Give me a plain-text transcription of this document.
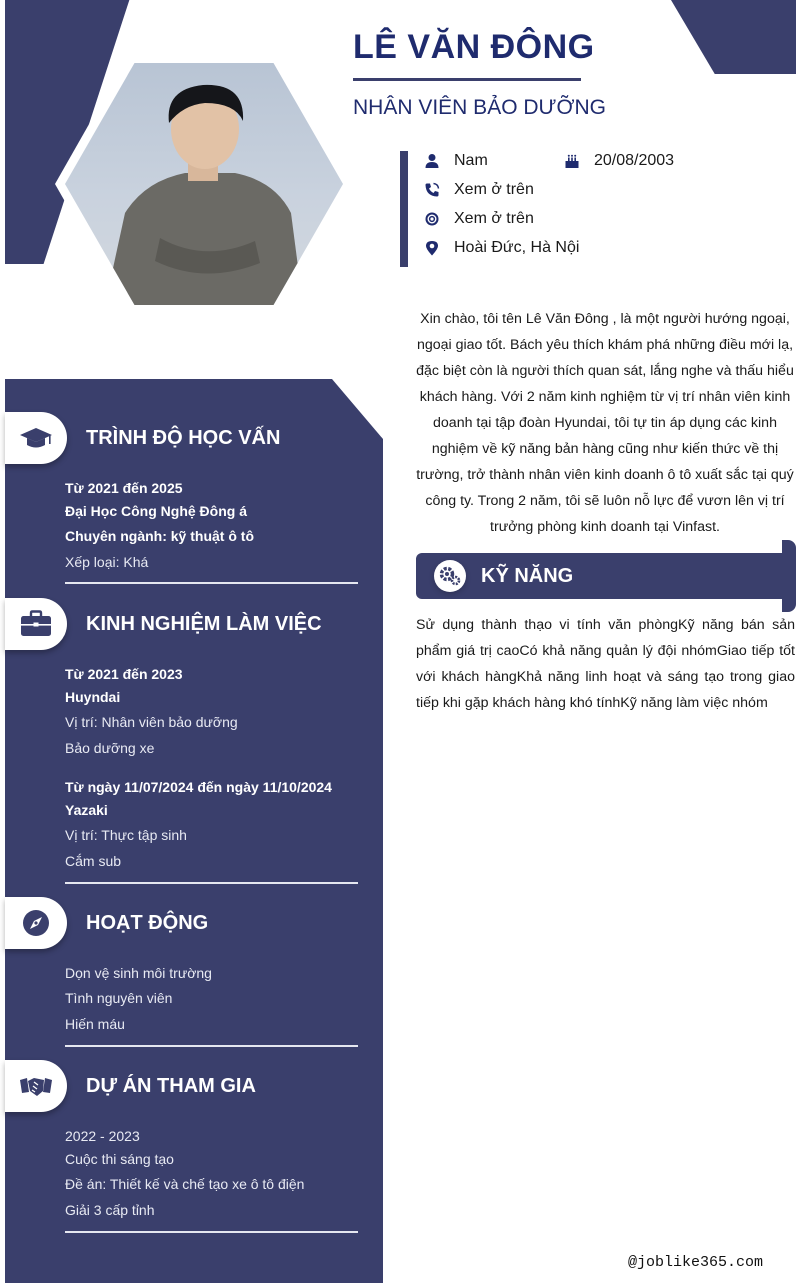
LÊ VĂN ĐÔNG
NHÂN VIÊN BẢO DƯỠNG
Nam	20/08/2003
Xem ở trên
Xem ở trên
Hoài Đức, Hà Nội
Xin chào, tôi tên Lê Văn Đông , là một người hướng ngoại, ngoại giao tốt. Bách yêu thích khám phá những điều mới lạ, đặc biệt còn là người thích quan sát, lắng nghe và thấu hiểu khách hàng. Với 2 năm kinh nghiệm từ vị trí nhân viên kinh doanh tại tập đoàn Hyundai, tôi tự tin áp dụng các kinh nghiệm về kỹ năng bản hàng cũng như kiến thức về thị trường, trở thành nhân viên kinh doanh ô tô xuất sắc tại quý công ty. Trong 2 năm, tôi sẽ luôn nỗ lực để vươn lên vị trí trưởng phòng kinh doanh tại Vinfast.
KỸ NĂNG
Sử dụng thành thạo vi tính văn phòngKỹ năng bán sản phẩm giá trị caoCó khả năng quản lý đội nhómGiao tiếp tốt với khách hàngKhả năng linh hoạt và sáng tạo trong giao tiếp khi gặp khách hàng khó tínhKỹ năng làm việc nhóm
TRÌNH ĐỘ HỌC VẤN
Từ 2021 đến 2025
Đại Học Công Nghệ Đông á
Chuyên ngành: kỹ thuật ô tô
Xếp loại: Khá
KINH NGHIỆM LÀM VIỆC
Từ 2021 đến 2023
Huyndai
Vị trí: Nhân viên bảo dưỡng
Bảo dưỡng xe
Từ ngày 11/07/2024 đến ngày 11/10/2024
Yazaki
Vị trí: Thực tập sinh
Cắm sub
HOẠT ĐỘNG
Dọn vệ sinh môi trường
Tình nguyên viên
Hiến máu
DỰ ÁN THAM GIA
2022 - 2023
Cuộc thi sáng tạo
Đề án: Thiết kế và chế tạo xe ô tô điện
Giải 3 cấp tỉnh
@joblike365.com
